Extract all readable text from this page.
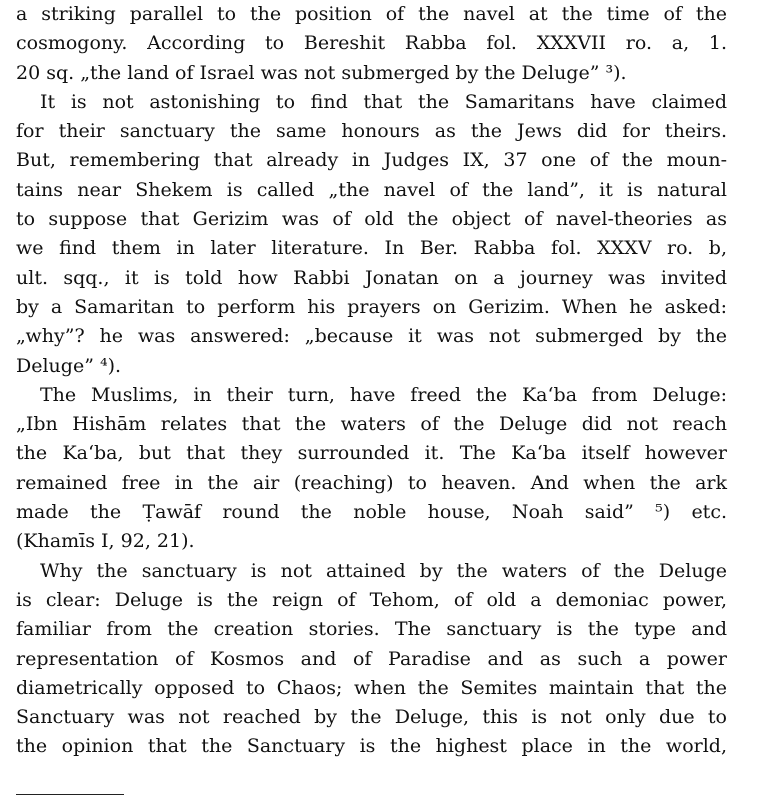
a striking parallel to the position of the navel at the time of the
cosmogony. According to Bereshit Rabba fol. XXXVII ro. a, 1.
20 sq. „the land of Israel was not submerged by the Deluge” ³).

It is not astonishing to find that the Samaritans have claimed
for their sanctuary the same honours as the Jews did for theirs.
But, remembering that already in Judges IX, 37 one of the moun-
tains near Shekem is called „the navel of the land”, it is natural
to suppose that Gerizim was of old the object of navel-theories as
we find them in later literature. In Ber. Rabba fol. XXXV ro. b,
ult. sqq., it is told how Rabbi Jonatan on a journey was invited
by a Samaritan to perform his prayers on Gerizim. When he asked:
„why”? he was answered: „because it was not submerged by the
Deluge” ⁴).

The Muslims, in their turn, have freed the Ka‘ba from Deluge:
„Ibn Hishām relates that the waters of the Deluge did not reach
the Ka‘ba, but that they surrounded it. The Ka‘ba itself however
remained free in the air (reaching) to heaven. And when the ark
made the Ṭawāf round the noble house, Noah said” ⁵) etc.
(Khamīs I, 92, 21).

Why the sanctuary is not attained by the waters of the Deluge
is clear: Deluge is the reign of Tehom, of old a demoniac power,
familiar from the creation stories. The sanctuary is the type and
representation of Kosmos and of Paradise and as such a power
diametrically opposed to Chaos; when the Semites maintain that the
Sanctuary was not reached by the Deluge, this is not only due to
the opinion that the Sanctuary is the highest place in the world,
